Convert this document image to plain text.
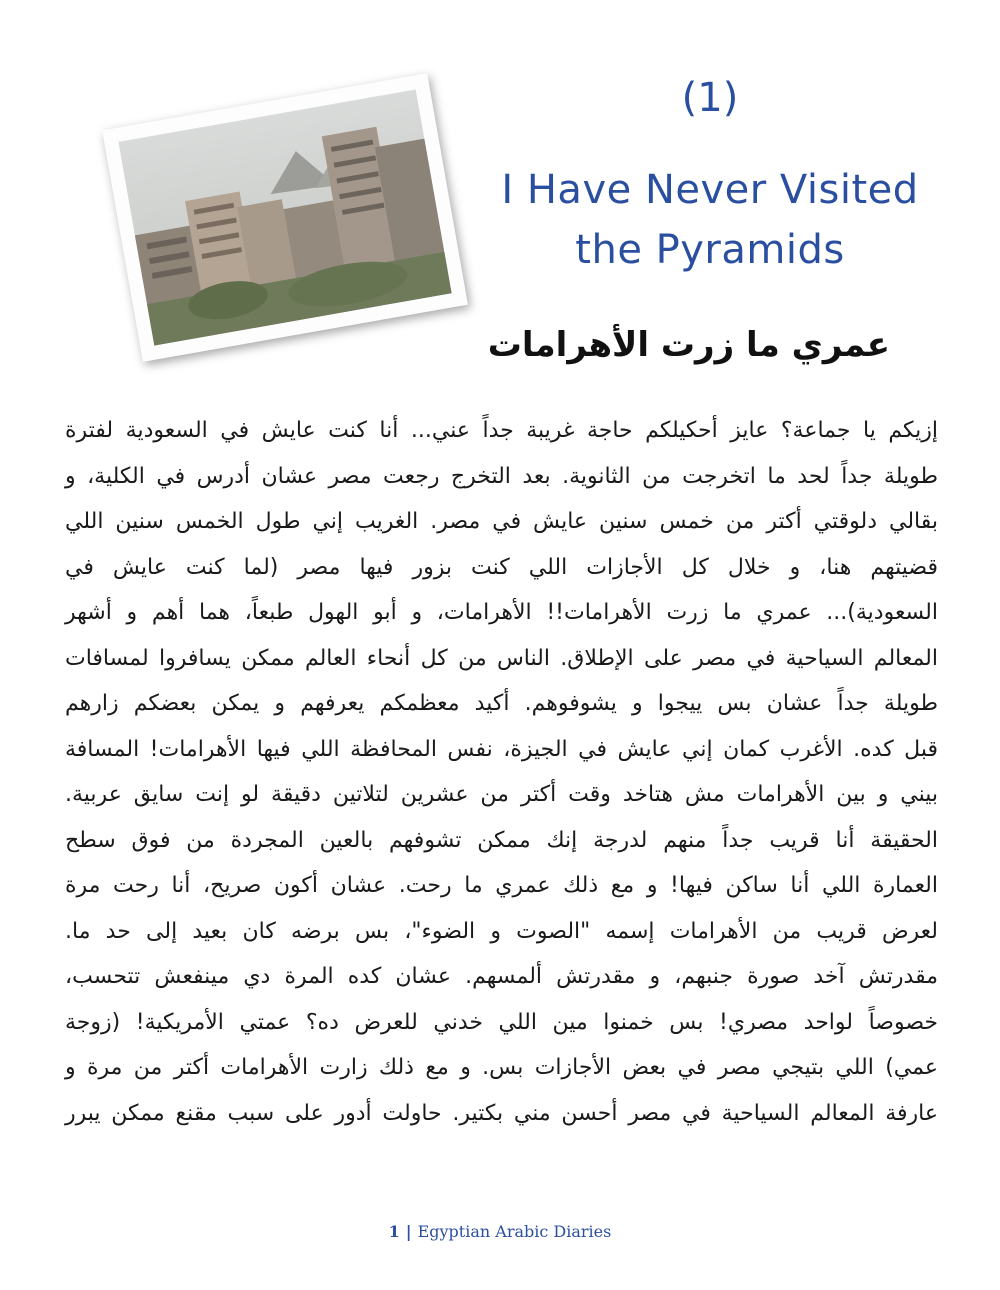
(1)
I Have Never Visited the Pyramids
عمري ما زرت الأهرامات
إزيكم يا جماعة؟ عايز أحكيلكم حاجة غريبة جداً عني... أنا كنت عايش في السعودية لفترة
طويلة جداً لحد ما اتخرجت من الثانوية. بعد التخرج رجعت مصر عشان أدرس في الكلية، و
بقالي دلوقتي أكتر من خمس سنين عايش في مصر. الغريب إني طول الخمس سنين اللي
قضيتهم هنا، و خلال كل الأجازات اللي كنت بزور فيها مصر (لما كنت عايش في
السعودية)... عمري ما زرت الأهرامات!! الأهرامات، و أبو الهول طبعاً، هما أهم و أشهر
المعالم السياحية في مصر على الإطلاق. الناس من كل أنحاء العالم ممكن يسافروا لمسافات
طويلة جداً عشان بس ييجوا و يشوفوهم. أكيد معظمكم يعرفهم و يمكن بعضكم زارهم
قبل كده. الأغرب كمان إني عايش في الجيزة، نفس المحافظة اللي فيها الأهرامات! المسافة
بيني و بين الأهرامات مش هتاخد وقت أكتر من عشرين لتلاتين دقيقة لو إنت سايق عربية.
الحقيقة أنا قريب جداً منهم لدرجة إنك ممكن تشوفهم بالعين المجردة من فوق سطح
العمارة اللي أنا ساكن فيها! و مع ذلك عمري ما رحت. عشان أكون صريح، أنا رحت مرة
لعرض قريب من الأهرامات إسمه "الصوت و الضوء"، بس برضه كان بعيد إلى حد ما.
مقدرتش آخد صورة جنبهم، و مقدرتش ألمسهم. عشان كده المرة دي مينفعش تتحسب،
خصوصاً لواحد مصري! بس خمنوا مين اللي خدني للعرض ده؟ عمتي الأمريكية! (زوجة
عمي) اللي بتيجي مصر في بعض الأجازات بس. و مع ذلك زارت الأهرامات أكتر من مرة و
عارفة المعالم السياحية في مصر أحسن مني بكتير. حاولت أدور على سبب مقنع ممكن يبرر
1 | Egyptian Arabic Diaries
